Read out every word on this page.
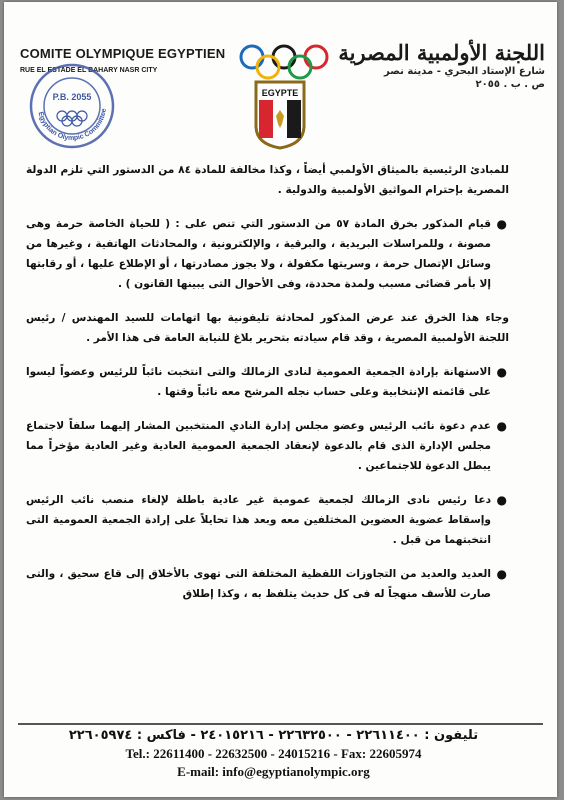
COMITE OLYMPIQUE EGYPTIEN
RUE EL ESTADE EL BAHARY NASR CITY
اللجنة الأولمبية المصرية
شارع الإستاد البحري - مدينة نصر
ص . ب . ٢٠٥٥
EGYPTE
Egyptian Olympic Committee
P.B. 2055

للمبادئ الرئيسية بالميثاق الأولمبي أيضاً ، وكذا مخالفة للمادة ٨٤ من الدستور التي تلزم الدولة المصرية بإحترام المواثيق الأولمبية والدولية .

●
قيام المذكور بخرق المادة ٥٧ من الدستور التي تنص على : ( للحياة الخاصة حرمة وهى مصونة ، وللمراسلات البريدية ، والبرقية ، والإلكترونية ، والمحادثات الهاتفية ، وغيرها من وسائل الإتصال حرمة ، وسريتها مكفولة ، ولا يجوز مصادرتها ، أو الإطلاع عليها ، أو رقابتها إلا بأمر قضائى مسبب ولمدة محددة، وفى الأحوال التى يبينها القانون ) .

وجاء هذا الخرق عند عرض المذكور لمحادثة تليفونية بها اتهامات للسيد المهندس / رئيس اللجنة الأولمبية المصرية ، وقد قام سيادته بتحرير بلاغ للنيابة العامة فى هذا الأمر .

●
الاستهانة بإرادة الجمعية العمومية لنادى الزمالك والتى انتخبت نائباً للرئيس وعضواً ليسوا على قائمته الإنتخابية وعلى حساب نجله المرشح معه نائباً وقتها .
●
عدم دعوة نائب الرئيس وعضو مجلس إدارة النادي المنتخبين المشار إليهما سلفاً لاجتماع مجلس الإدارة الذى قام بالدعوة لإنعقاد الجمعية العمومية العادية وغير العادية مؤخراً مما يبطل الدعوة للاجتماعين .
●
دعا رئيس نادى الزمالك لجمعية عمومية غير عادية باطلة لإلغاء منصب نائب الرئيس وإسقاط عضوية العضوين المختلفين معه وبعد هذا تحايلاً على إرادة الجمعية العمومية التى انتخبتهما من قبل .
●
العديد والعديد من التجاوزات اللفظية المختلفة التى تهوى بالأخلاق إلى قاع سحيق ، والتى صارت للأسف منهجاً له فى كل حديث يتلفظ به ، وكذا إطلاق
تليفون : ٢٢٦١١٤٠٠ - ٢٢٦٣٢٥٠٠ - ٢٤٠١٥٢١٦ - فاكس : ٢٢٦٠٥٩٧٤
Tel.: 22611400 - 22632500 - 24015216 - Fax: 22605974
E-mail: info@egyptianolympic.org
